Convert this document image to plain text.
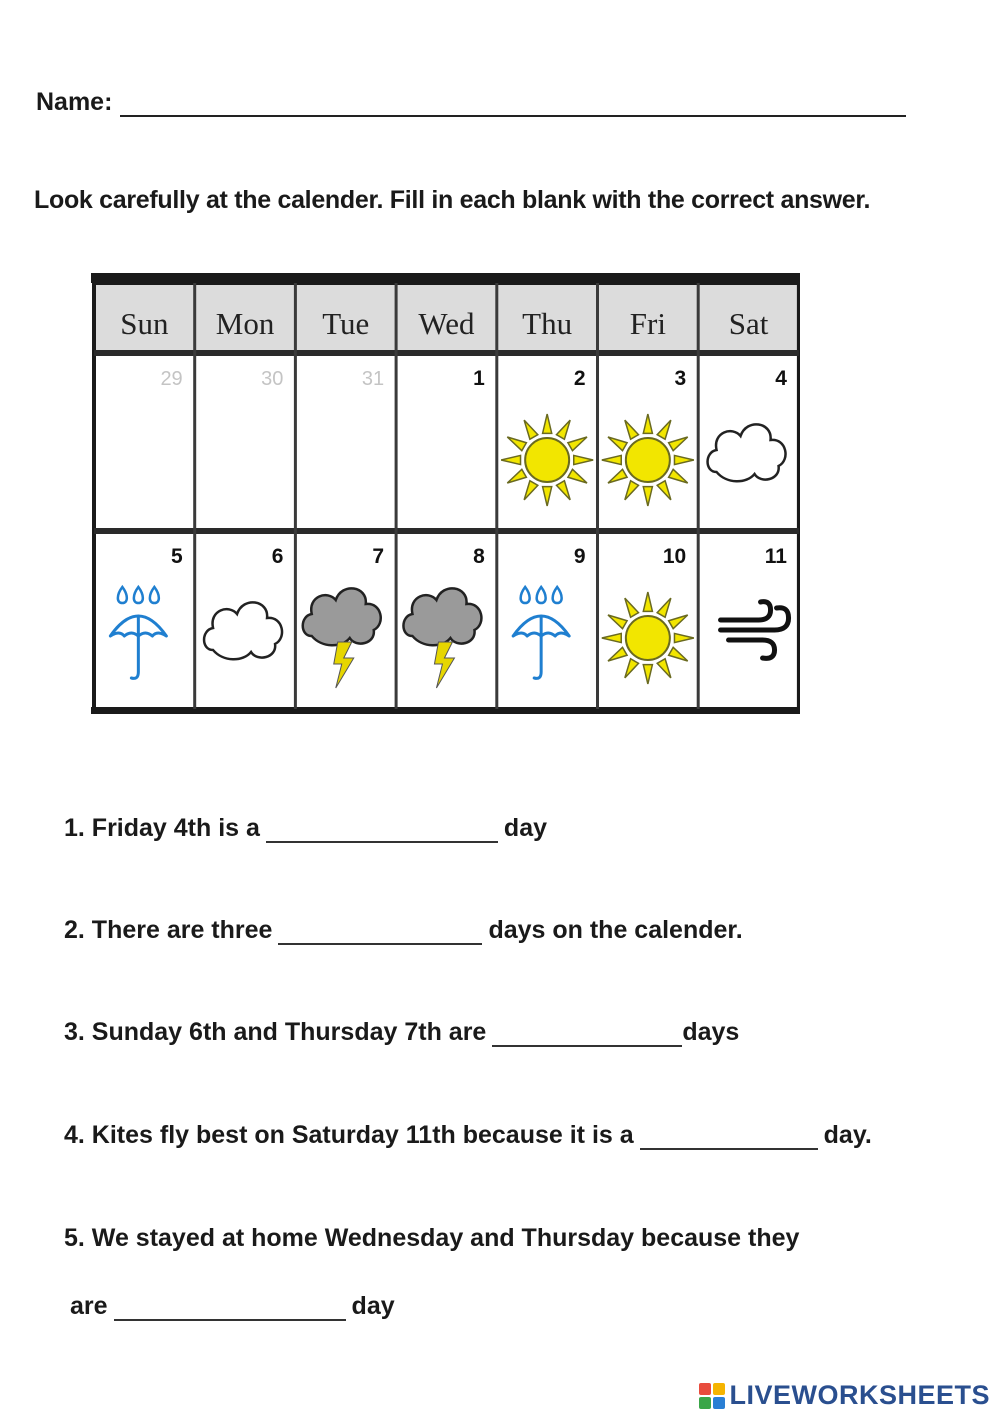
Name:
Look carefully at the calender. Fill in each blank with the correct answer.
Sun Mon Tue Wed Thu Fri Sat
29	30	31	1	2	3	4
5	6	7	8	9	10	11
1. Friday 4th is a	day
2. There are three	days on the calender.
3. Sunday 6th and Thursday 7th are	days
4. Kites fly best on Saturday 11th because it is a	day.
5. We stayed at home Wednesday and Thursday because they
are	day
LIVEWORKSHEETS
